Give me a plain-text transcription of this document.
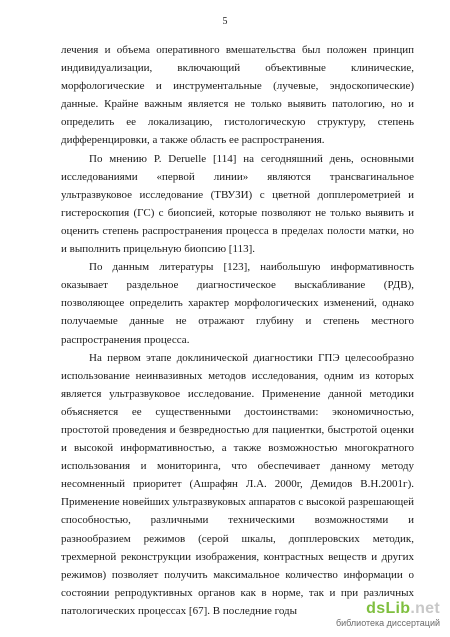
5

лечения и объема оперативного вмешательства был положен принцип индивидуализации, включающий объективные клинические, морфологические и инструментальные (лучевые, эндоскопические) данные. Крайне важным является не только выявить патологию, но и определить ее локализацию, гистологическую структуру, степень дифференцировки, а также область ее распространения.

По мнению P. Deruelle [114] на сегодняшний день, основными исследованиями «первой линии» являются трансвагинальное ультразвуковое исследование (ТВУЗИ) с цветной допплерометрией и гистероскопия (ГС) с биопсией, которые позволяют не только выявить и оценить степень распространения процесса в пределах полости матки, но и выполнить прицельную биопсию [113].

По данным литературы [123], наибольшую информативность оказывает раздельное диагностическое выскабливание (РДВ), позволяющее определить характер морфологических изменений, однако получаемые данные не отражают глубину и степень местного распространения процесса.

На первом этапе доклинической диагностики ГПЭ целесообразно использование неинвазивных методов исследования, одним из которых является ультразвуковое исследование. Применение данной методики объясняется ее существенными достоинствами: экономичностью, простотой проведения и безвредностью для пациентки, быстротой оценки и высокой информативностью, а также возможностью многократного использования и мониторинга, что обеспечивает данному методу несомненный приоритет (Ашрафян Л.А. 2000г, Демидов В.Н.2001г). Применение новейших ультразвуковых аппаратов с высокой разрешающей способностью, различными техническими возможностями и разнообразием режимов (серой шкалы, допплеровских методик, трехмерной реконструкции изображения, контрастных веществ и других режимов) позволяет получить максимальное количество информации о состоянии репродуктивных органов как в норме, так и при различных патологических процессах [67]. В последние годы	dsLib.net
библиотека диссертаций
